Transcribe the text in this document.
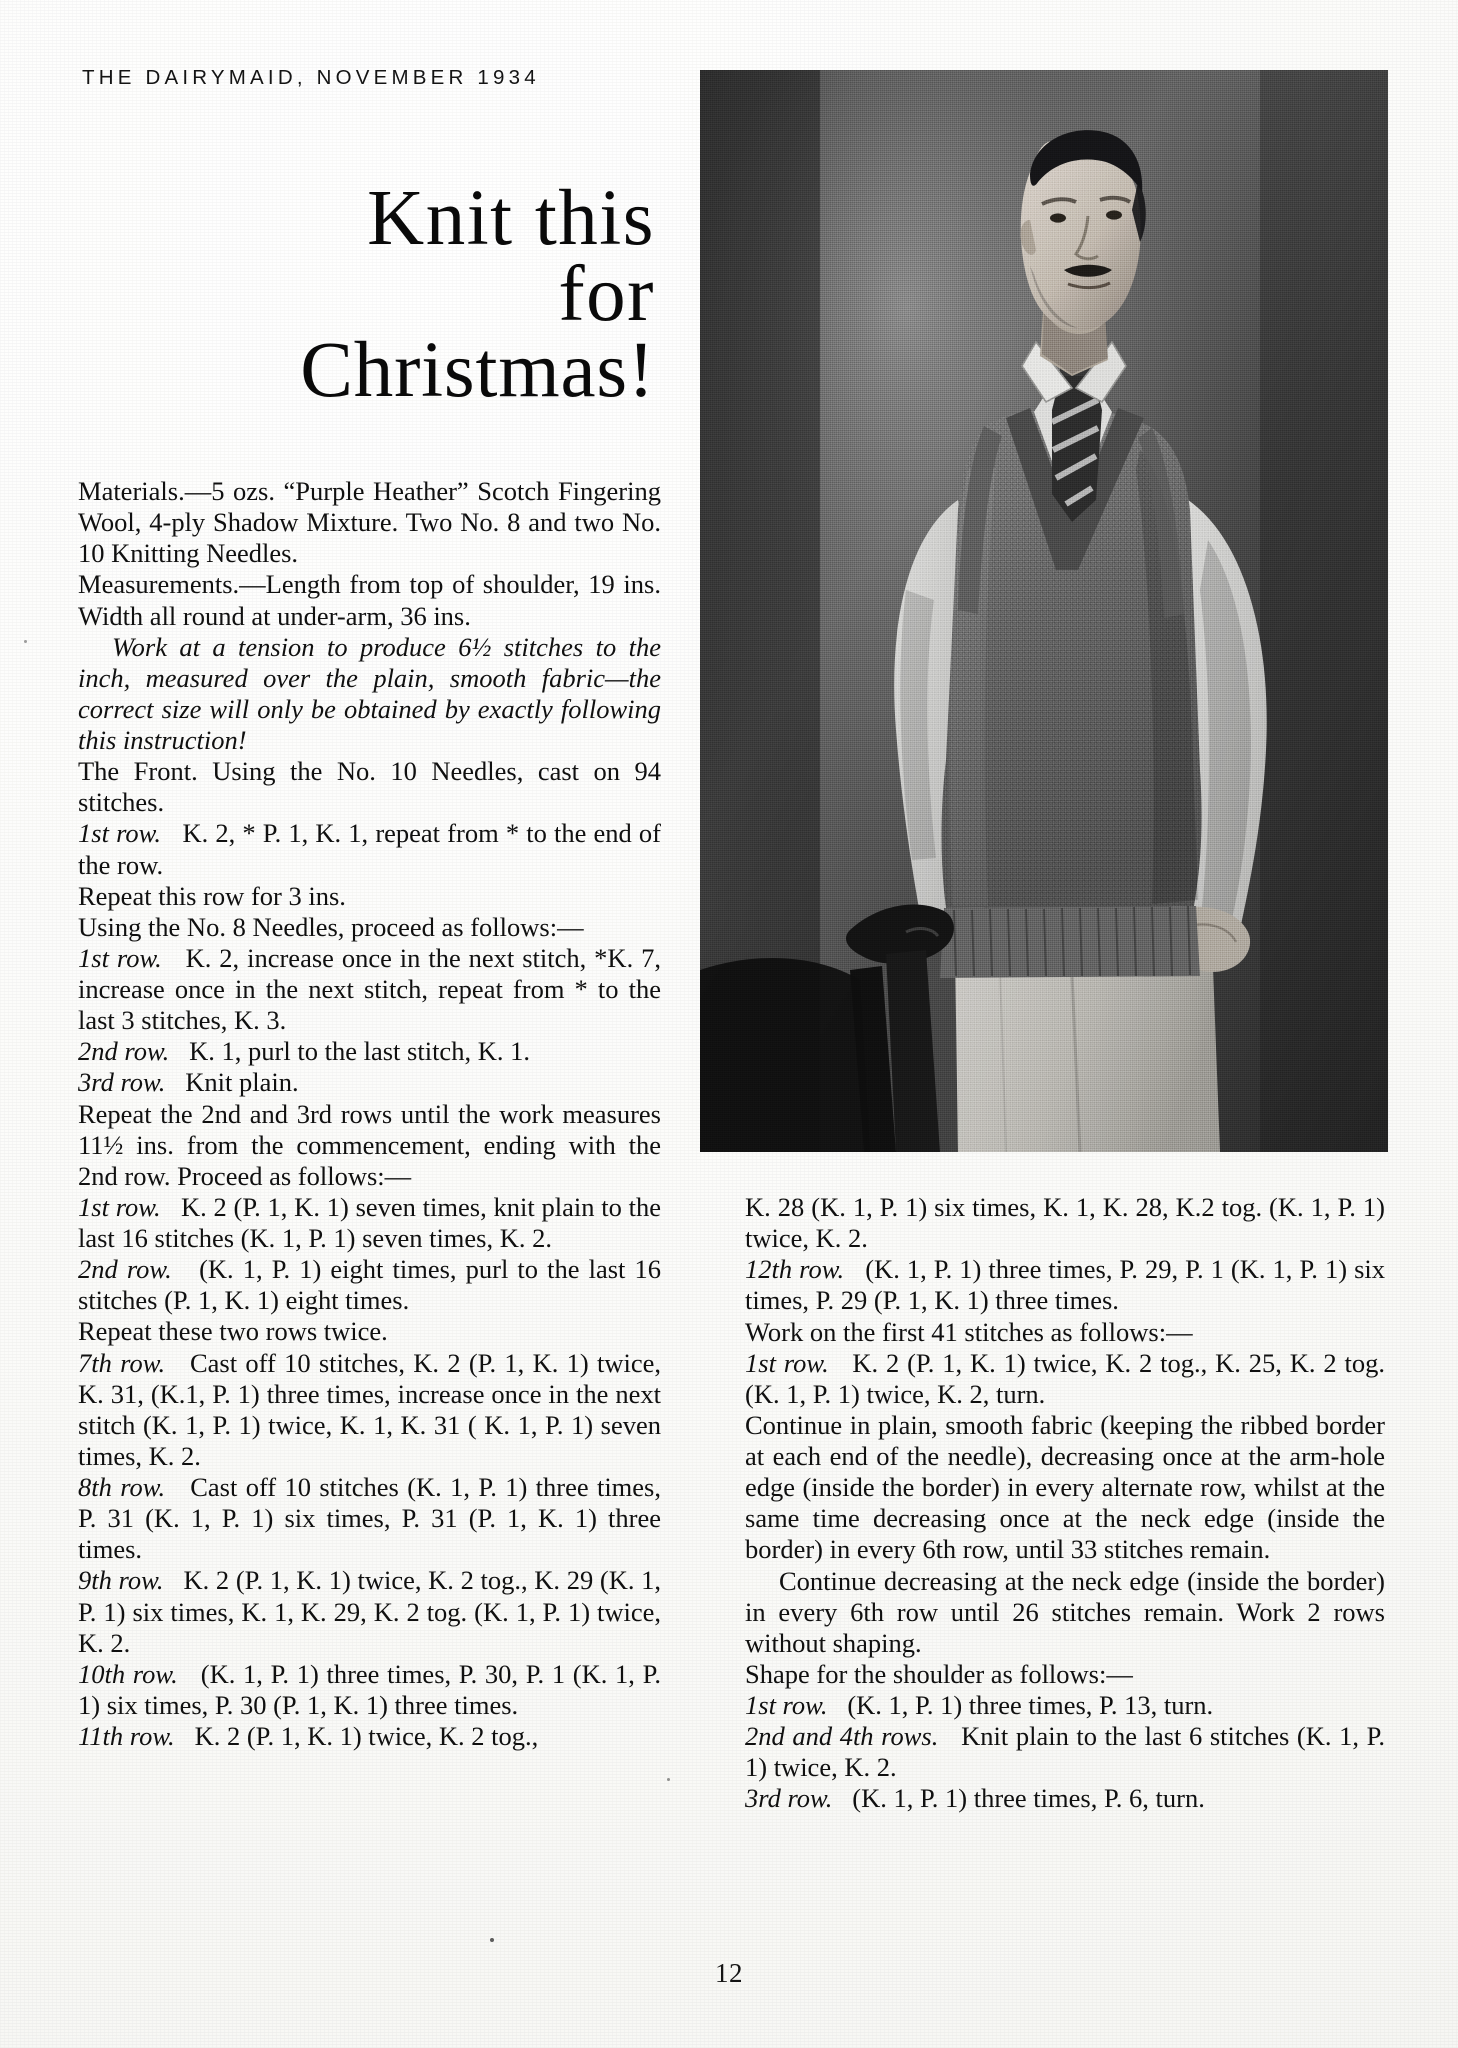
THE DAIRYMAID, NOVEMBER 1934
Knit this
for
Christmas!

Materials.—5 ozs. “Purple Heather” Scotch Fingering Wool, 4-ply Shadow Mixture. Two No. 8 and two No. 10 Knitting Needles.

Measurements.—Length from top of shoulder, 19 ins. Width all round at under-arm, 36 ins.

Work at a tension to produce 6½ stitches to the inch, measured over the plain, smooth fabric—the correct size will only be obtained by exactly following this instruction!

The Front. Using the No. 10 Needles, cast on 94 stitches.

1st row. K. 2, * P. 1, K. 1, repeat from * to the end of the row.

Repeat this row for 3 ins.

Using the No. 8 Needles, proceed as follows:—

1st row. K. 2, increase once in the next stitch, *K. 7, increase once in the next stitch, repeat from * to the last 3 stitches, K. 3.

2nd row. K. 1, purl to the last stitch, K. 1.

3rd row. Knit plain.

Repeat the 2nd and 3rd rows until the work measures 11½ ins. from the commencement, ending with the 2nd row. Proceed as follows:—

1st row. K. 2 (P. 1, K. 1) seven times, knit plain to the last 16 stitches (K. 1, P. 1) seven times, K. 2.

2nd row. (K. 1, P. 1) eight times, purl to the last 16 stitches (P. 1, K. 1) eight times.

Repeat these two rows twice.

7th row. Cast off 10 stitches, K. 2 (P. 1, K. 1) twice, K. 31, (K.1, P. 1) three times, increase once in the next stitch (K. 1, P. 1) twice, K. 1, K. 31 ( K. 1, P. 1) seven times, K. 2.

8th row. Cast off 10 stitches (K. 1, P. 1) three times, P. 31 (K. 1, P. 1) six times, P. 31 (P. 1, K. 1) three times.

9th row. K. 2 (P. 1, K. 1) twice, K. 2 tog., K. 29 (K. 1, P. 1) six times, K. 1, K. 29, K. 2 tog. (K. 1, P. 1) twice, K. 2.

10th row. (K. 1, P. 1) three times, P. 30, P. 1 (K. 1, P. 1) six times, P. 30 (P. 1, K. 1) three times.

11th row. K. 2 (P. 1, K. 1) twice, K. 2 tog.,

K. 28 (K. 1, P. 1) six times, K. 1, K. 28, K.2 tog. (K. 1, P. 1) twice, K. 2.

12th row. (K. 1, P. 1) three times, P. 29, P. 1 (K. 1, P. 1) six times, P. 29 (P. 1, K. 1) three times.

Work on the first 41 stitches as follows:—

1st row. K. 2 (P. 1, K. 1) twice, K. 2 tog., K. 25, K. 2 tog. (K. 1, P. 1) twice, K. 2, turn.

Continue in plain, smooth fabric (keeping the ribbed border at each end of the needle), decreasing once at the arm-hole edge (inside the border) in every alternate row, whilst at the same time decreasing once at the neck edge (inside the border) in every 6th row, until 33 stitches remain.

Continue decreasing at the neck edge (inside the border) in every 6th row until 26 stitches remain. Work 2 rows without shaping.

Shape for the shoulder as follows:—

1st row. (K. 1, P. 1) three times, P. 13, turn.

2nd and 4th rows. Knit plain to the last 6 stitches (K. 1, P. 1) twice, K. 2.

3rd row. (K. 1, P. 1) three times, P. 6, turn.

12
